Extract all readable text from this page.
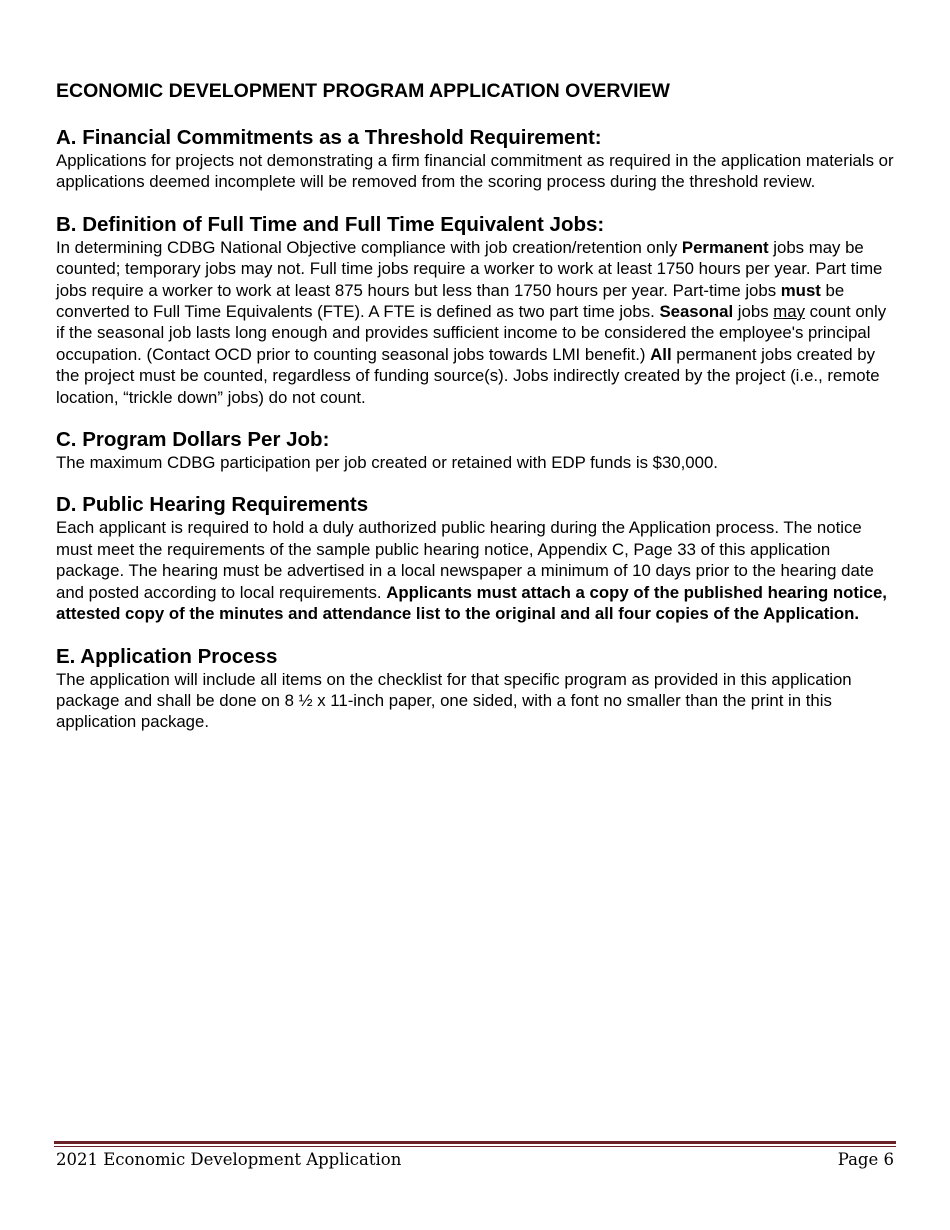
ECONOMIC DEVELOPMENT PROGRAM APPLICATION OVERVIEW
A. Financial Commitments as a Threshold Requirement:

Applications for projects not demonstrating a firm financial commitment as required in the application materials or applications deemed incomplete will be removed from the scoring process during the threshold review.

B. Definition of Full Time and Full Time Equivalent Jobs:

In determining CDBG National Objective compliance with job creation/retention only Permanent jobs may be counted; temporary jobs may not. Full time jobs require a worker to work at least 1750 hours per year. Part time jobs require a worker to work at least 875 hours but less than 1750 hours per year. Part-time jobs must be converted to Full Time Equivalents (FTE). A FTE is defined as two part time jobs. Seasonal jobs may count only if the seasonal job lasts long enough and provides sufficient income to be considered the employee's principal occupation. (Contact OCD prior to counting seasonal jobs towards LMI benefit.) All permanent jobs created by the project must be counted, regardless of funding source(s). Jobs indirectly created by the project (i.e., remote location, “trickle down” jobs) do not count.

C. Program Dollars Per Job:

The maximum CDBG participation per job created or retained with EDP funds is $30,000.

D. Public Hearing Requirements

Each applicant is required to hold a duly authorized public hearing during the Application process. The notice must meet the requirements of the sample public hearing notice, Appendix C, Page 33 of this application package. The hearing must be advertised in a local newspaper a minimum of 10 days prior to the hearing date and posted according to local requirements. Applicants must attach a copy of the published hearing notice, attested copy of the minutes and attendance list to the original and all four copies of the Application.

E. Application Process

The application will include all items on the checklist for that specific program as provided in this application package and shall be done on 8 ½ x 11-inch paper, one sided, with a font no smaller than the print in this application package.

2021 Economic Development Application	Page 6
